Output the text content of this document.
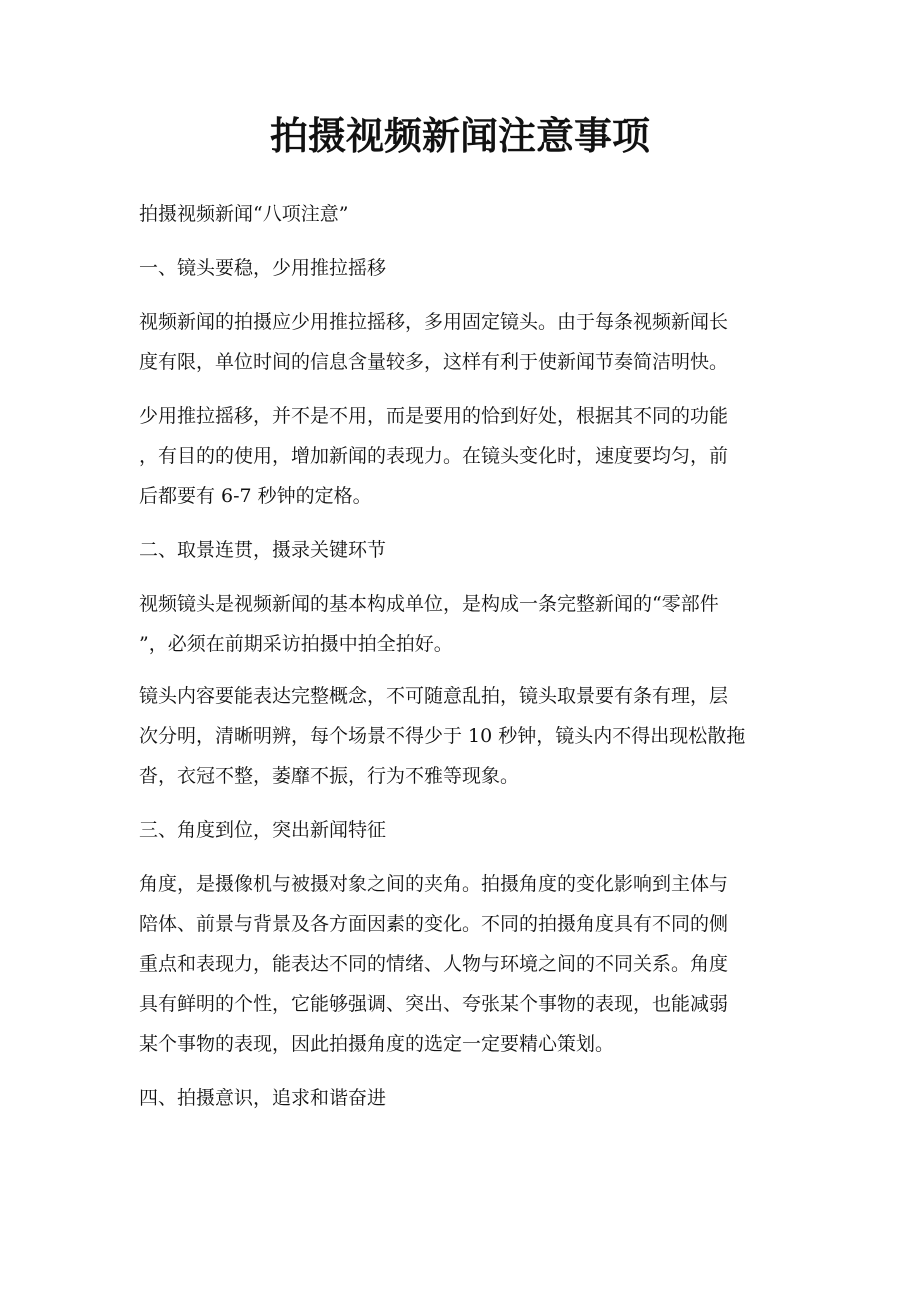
拍摄视频新闻注意事项
拍摄视频新闻“八项注意”
一、镜头要稳，少用推拉摇移
视频新闻的拍摄应少用推拉摇移，多用固定镜头。由于每条视频新闻长
度有限，单位时间的信息含量较多，这样有利于使新闻节奏简洁明快。
少用推拉摇移，并不是不用，而是要用的恰到好处，根据其不同的功能
，有目的的使用，增加新闻的表现力。在镜头变化时，速度要均匀，前
后都要有 6-7 秒钟的定格。
二、取景连贯，摄录关键环节
视频镜头是视频新闻的基本构成单位，是构成一条完整新闻的“零部件
”，必须在前期采访拍摄中拍全拍好。
镜头内容要能表达完整概念，不可随意乱拍，镜头取景要有条有理，层
次分明，清晰明辨，每个场景不得少于 10 秒钟，镜头内不得出现松散拖
沓，衣冠不整，萎靡不振，行为不雅等现象。
三、角度到位，突出新闻特征
角度，是摄像机与被摄对象之间的夹角。拍摄角度的变化影响到主体与
陪体、前景与背景及各方面因素的变化。不同的拍摄角度具有不同的侧
重点和表现力，能表达不同的情绪、人物与环境之间的不同关系。角度
具有鲜明的个性，它能够强调、突出、夸张某个事物的表现，也能减弱
某个事物的表现，因此拍摄角度的选定一定要精心策划。
四、拍摄意识，追求和谐奋进
